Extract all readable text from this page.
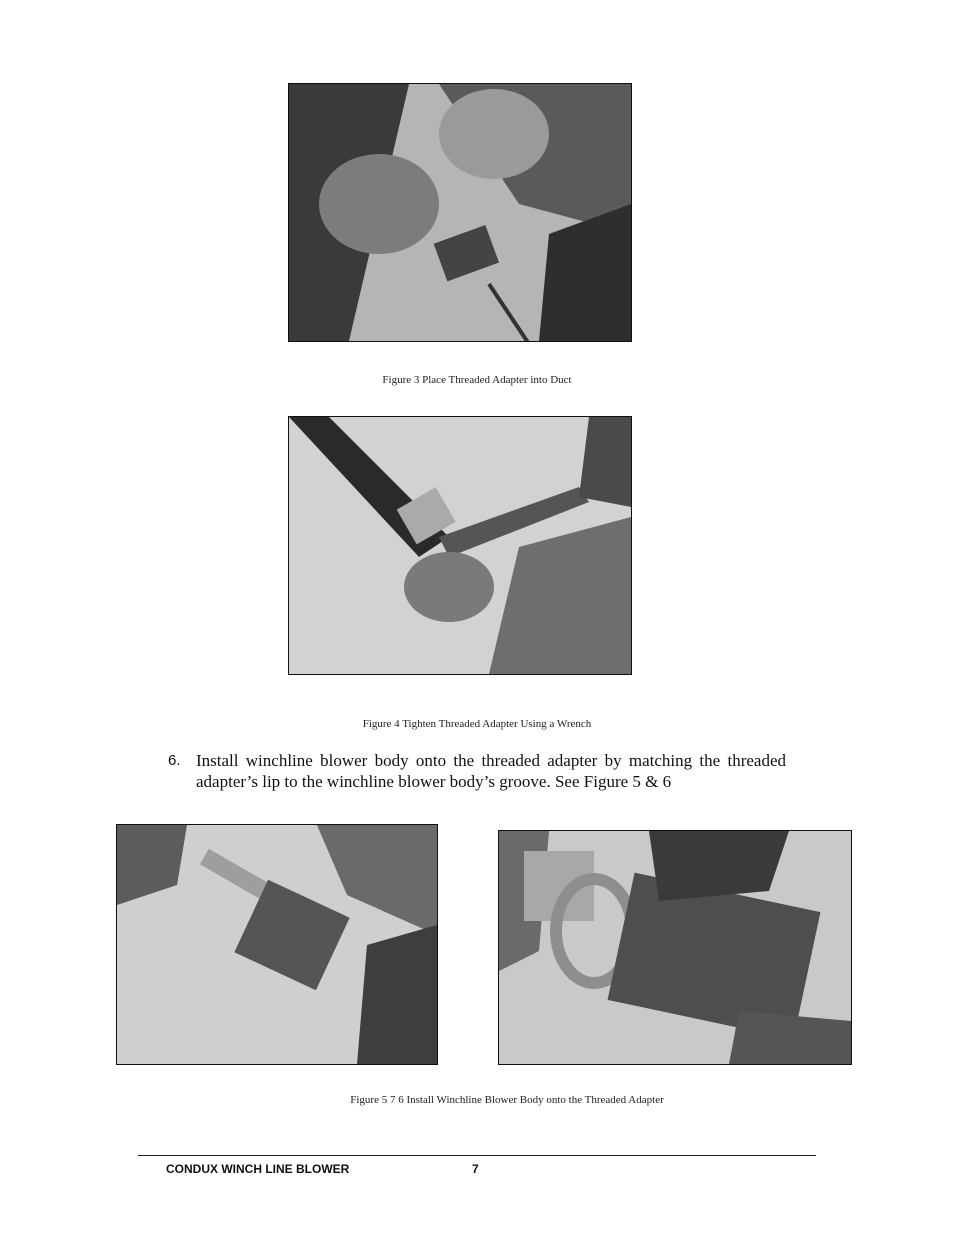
Figure 3 Place Threaded Adapter into Duct
Figure 4 Tighten Threaded Adapter Using a Wrench
6. Install winchline blower body onto the threaded adapter by matching the threaded adapter’s lip to the winchline blower body’s groove. See Figure 5 & 6
Figure 5 7 6 Install Winchline Blower Body onto the Threaded Adapter
CONDUX WINCH LINE BLOWER	7
